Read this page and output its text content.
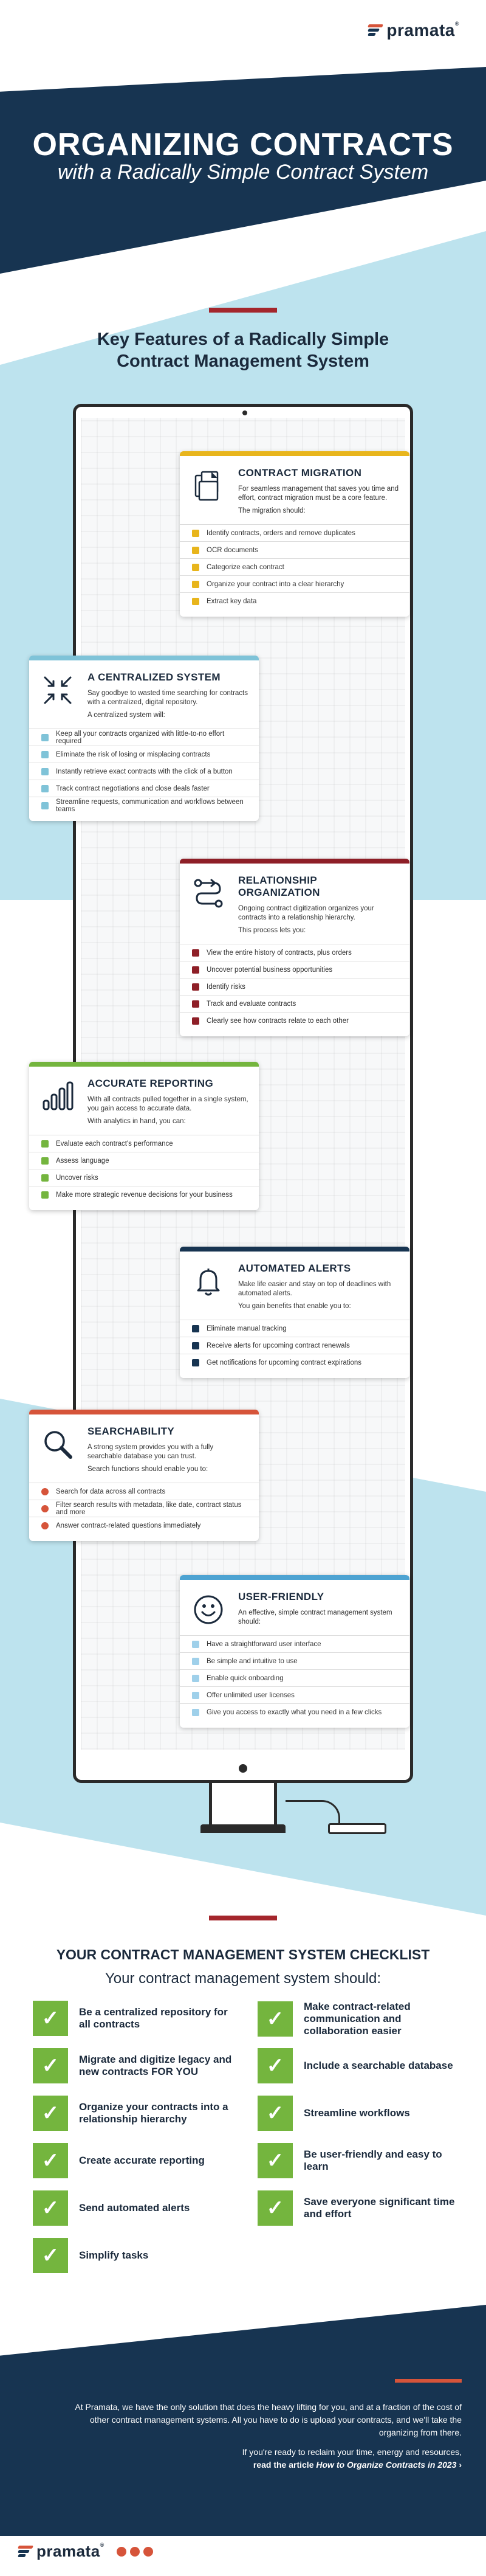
pramata®
ORGANIZING CONTRACTS
with a Radically Simple Contract System
Key Features of a Radically Simple
Contract Management System
CONTRACT MIGRATION
For seamless management that saves you time and effort, contract migration must be a core feature.
The migration should:
Identify contracts, orders and remove duplicates
OCR documents
Categorize each contract
Organize your contract into a clear hierarchy
Extract key data
A CENTRALIZED SYSTEM
Say goodbye to wasted time searching for contracts with a centralized, digital repository.
A centralized system will:
Keep all your contracts organized with little-to-no effort required
Eliminate the risk of losing or misplacing contracts
Instantly retrieve exact contracts with the click of a button
Track contract negotiations and close deals faster
Streamline requests, communication and workflows between teams
RELATIONSHIP ORGANIZATION
Ongoing contract digitization organizes your contracts into a relationship hierarchy.
This process lets you:
View the entire history of contracts, plus orders
Uncover potential business opportunities
Identify risks
Track and evaluate contracts
Clearly see how contracts relate to each other
ACCURATE REPORTING
With all contracts pulled together in a single system, you gain access to accurate data.
With analytics in hand, you can:
Evaluate each contract's performance
Assess language
Uncover risks
Make more strategic revenue decisions for your business
AUTOMATED ALERTS
Make life easier and stay on top of deadlines with automated alerts.
You gain benefits that enable you to:
Eliminate manual tracking
Receive alerts for upcoming contract renewals
Get notifications for upcoming contract expirations
SEARCHABILITY
A strong system provides you with a fully searchable database you can trust.
Search functions should enable you to:
Search for data across all contracts
Filter search results with metadata, like date, contract status and more
Answer contract-related questions immediately
USER-FRIENDLY
An effective, simple contract management system should:
Have a straightforward user interface
Be simple and intuitive to use
Enable quick onboarding
Offer unlimited user licenses
Give you access to exactly what you need in a few clicks
YOUR CONTRACT MANAGEMENT SYSTEM CHECKLIST
Your contract management system should:
✓ Be a centralized repository for all contracts
✓ Migrate and digitize legacy and new contracts FOR YOU
✓ Organize your contracts into a relationship hierarchy
✓ Create accurate reporting
✓ Send automated alerts
✓ Simplify tasks
✓
Make contract-related communication and collaboration easier
✓ Include a searchable database
✓ Streamline workflows
✓ Be user-friendly and easy to learn
✓ Save everyone significant time and effort
At Pramata, we have the only solution that does the heavy lifting for you, and at a fraction of the cost of other contract management systems. All you have to do is upload your contracts, and we'll take the organizing from there.
If you're ready to reclaim your time, energy and resources,
read the article How to Organize Contracts in 2023 ›
pramata®
